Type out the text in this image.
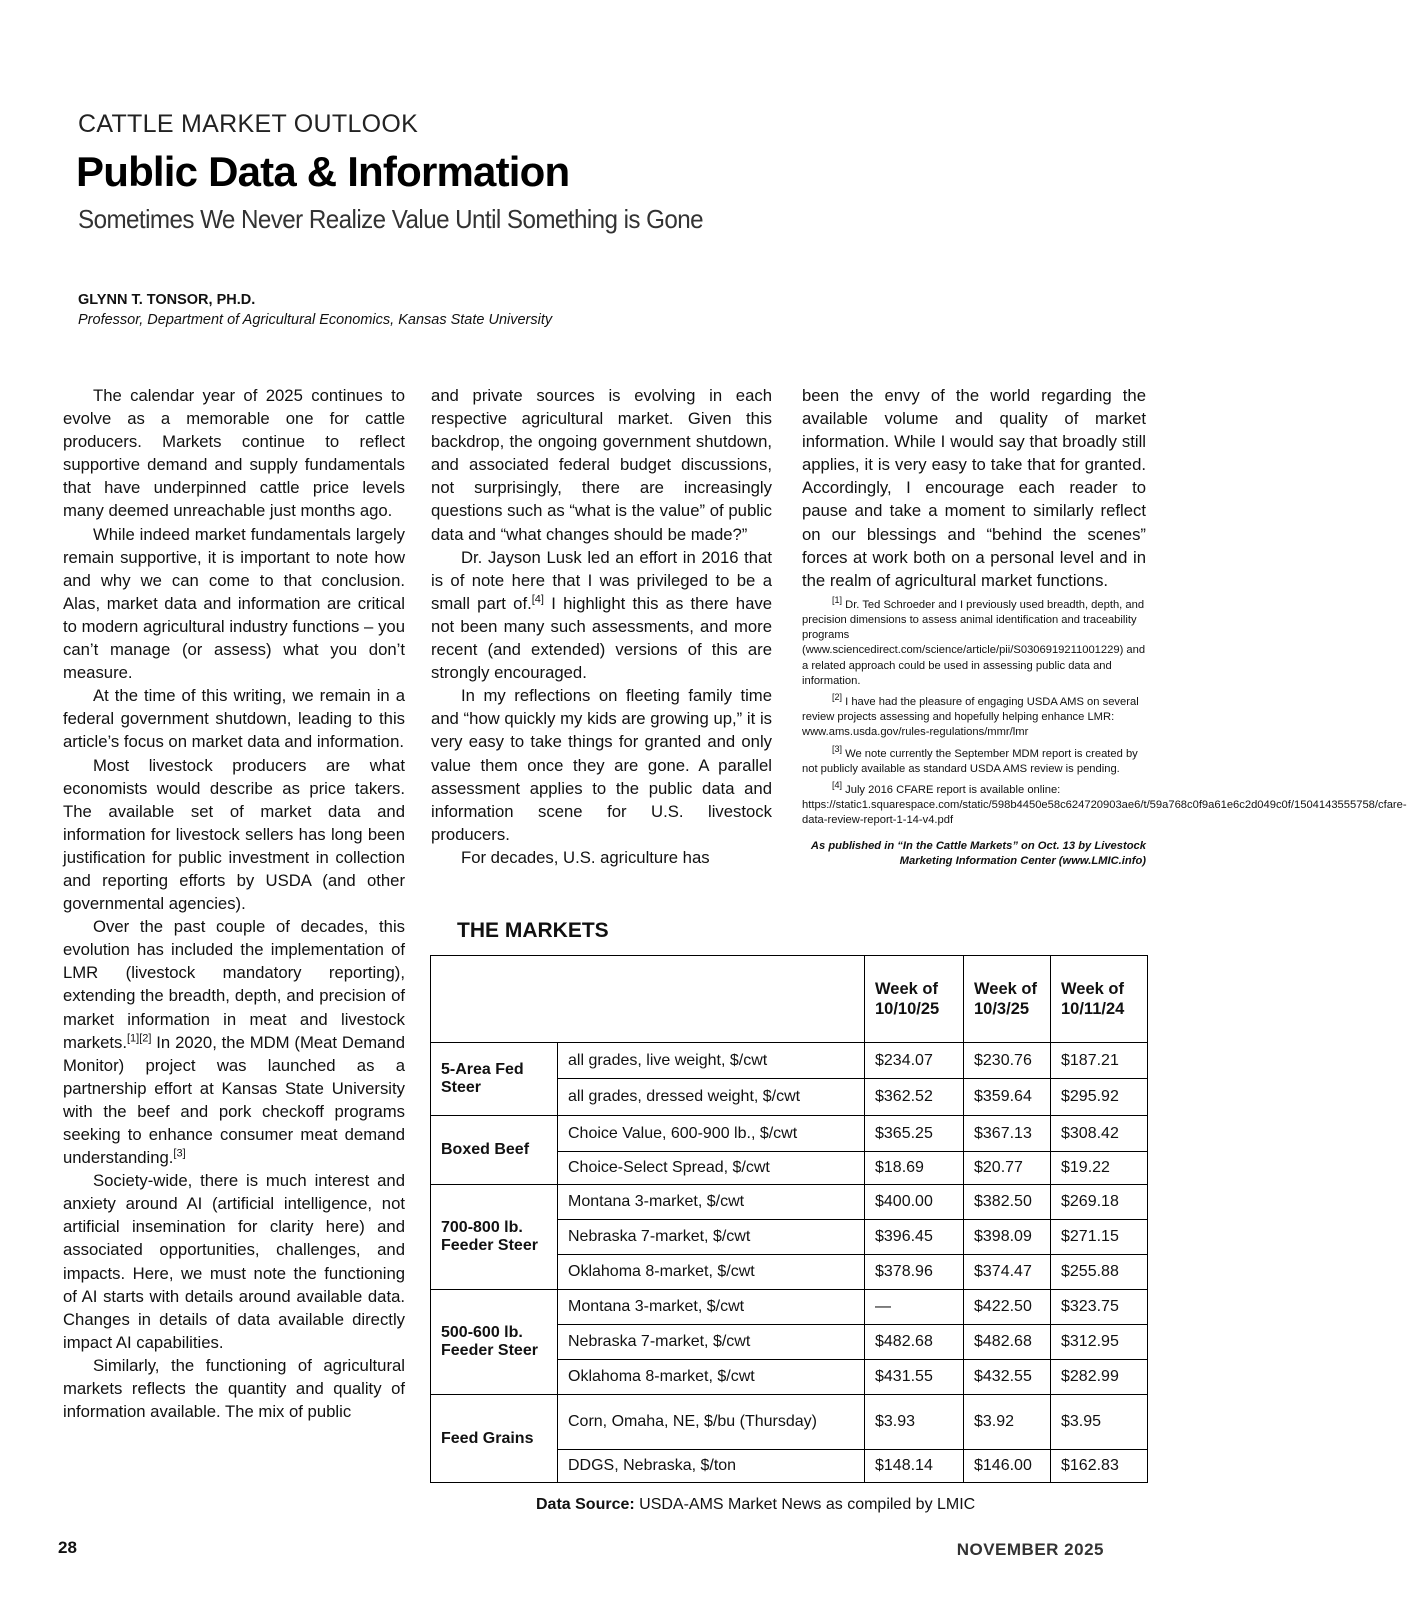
CATTLE MARKET OUTLOOK
Public Data & Information
Sometimes We Never Realize Value Until Something is Gone
GLYNN T. TONSOR, PH.D.
Professor, Department of Agricultural Economics, Kansas State University

The calendar year of 2025 continues to evolve as a memorable one for cattle producers. Markets continue to reflect supportive demand and supply fundamentals that have underpinned cattle price levels many deemed unreachable just months ago.

While indeed market fundamentals largely remain supportive, it is important to note how and why we can come to that conclusion. Alas, market data and information are critical to modern agricultural industry functions – you can’t manage (or assess) what you don’t measure.

At the time of this writing, we remain in a federal government shutdown, leading to this article’s focus on market data and information.

Most livestock producers are what economists would describe as price takers. The available set of market data and information for livestock sellers has long been justification for public investment in collection and reporting efforts by USDA (and other governmental agencies).

Over the past couple of decades, this evolution has included the implementation of LMR (livestock mandatory reporting), extending the breadth, depth, and precision of market information in meat and livestock markets.[1][2] In 2020, the MDM (Meat Demand Monitor) project was launched as a partnership effort at Kansas State University with the beef and pork checkoff programs seeking to enhance consumer meat demand understanding.[3]

Society-wide, there is much interest and anxiety around AI (artificial intelligence, not artificial insemination for clarity here) and associated opportunities, challenges, and impacts. Here, we must note the functioning of AI starts with details around available data. Changes in details of data available directly impact AI capabilities.

Similarly, the functioning of agricultural markets reflects the quantity and quality of information available. The mix of public

and private sources is evolving in each respective agricultural market. Given this backdrop, the ongoing government shutdown, and associated federal budget discussions, not surprisingly, there are increasingly questions such as “what is the value” of public data and “what changes should be made?”

Dr. Jayson Lusk led an effort in 2016 that is of note here that I was privileged to be a small part of.[4] I highlight this as there have not been many such assessments, and more recent (and extended) versions of this are strongly encouraged.

In my reflections on fleeting family time and “how quickly my kids are growing up,” it is very easy to take things for granted and only value them once they are gone. A parallel assessment applies to the public data and information scene for U.S. livestock producers.

For decades, U.S. agriculture has

been the envy of the world regarding the available volume and quality of market information. While I would say that broadly still applies, it is very easy to take that for granted. Accordingly, I encourage each reader to pause and take a moment to similarly reflect on our blessings and “behind the scenes” forces at work both on a personal level and in the realm of agricultural market functions.

[1] Dr. Ted Schroeder and I previously used breadth, depth, and precision dimensions to assess animal identification and traceability programs (www.sciencedirect.com/science/article/pii/S0306919211001229) and a related approach could be used in assessing public data and information.
[2] I have had the pleasure of engaging USDA AMS on several review projects assessing and hopefully helping enhance LMR: www.ams.usda.gov/rules-regulations/mmr/lmr
[3] We note currently the September MDM report is created by not publicly available as standard USDA AMS review is pending.
[4] July 2016 CFARE report is available online: https://static1.squarespace.com/static/598b4450e58c624720903ae6/t/59a768c0f9a61e6c2d049c0f/1504143555758/cfare-data-review-report-1-14-v4.pdf
As published in “In the Cattle Markets” on Oct. 13 by Livestock Marketing Information Center (www.LMIC.info)
THE MARKETS
		Week of 10/10/25	Week of 10/3/25	Week of 10/11/24
5-Area Fed Steer	all grades, live weight, $/cwt	$234.07	$230.76	$187.21
	all grades, dressed weight, $/cwt	$362.52	$359.64	$295.92
Boxed Beef	Choice Value, 600-900 lb., $/cwt	$365.25	$367.13	$308.42
	Choice-Select Spread, $/cwt	$18.69	$20.77	$19.22
700-800 lb. Feeder Steer	Montana 3-market, $/cwt	$400.00	$382.50	$269.18
	Nebraska 7-market, $/cwt	$396.45	$398.09	$271.15
	Oklahoma 8-market, $/cwt	$378.96	$374.47	$255.88
500-600 lb. Feeder Steer	Montana 3-market, $/cwt	—	$422.50	$323.75
	Nebraska 7-market, $/cwt	$482.68	$482.68	$312.95
	Oklahoma 8-market, $/cwt	$431.55	$432.55	$282.99
Feed Grains	Corn, Omaha, NE, $/bu (Thursday)	$3.93	$3.92	$3.95
	DDGS, Nebraska, $/ton	$148.14	$146.00	$162.83
Data Source: USDA-AMS Market News as compiled by LMIC
28	NOVEMBER 2025
